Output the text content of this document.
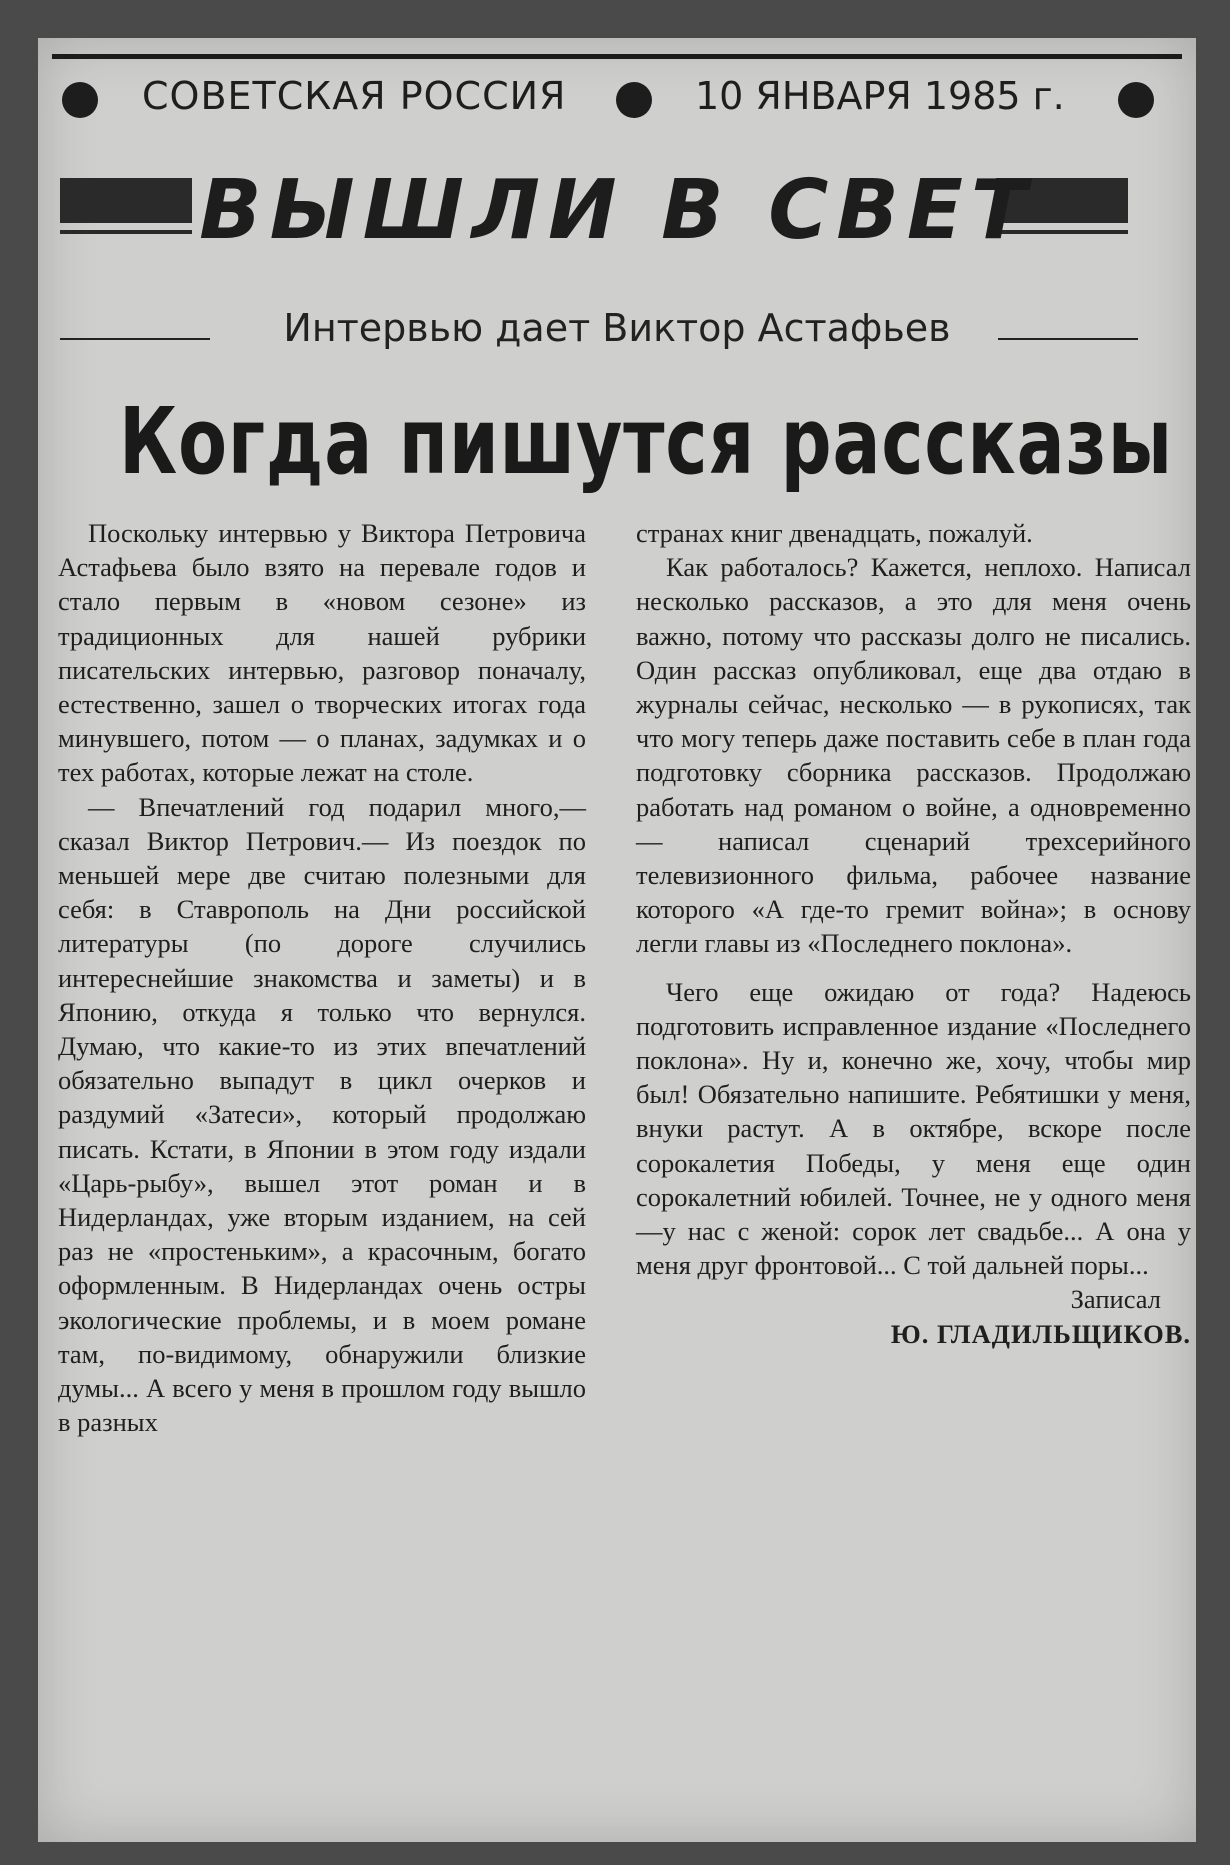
СОВЕТСКАЯ РОССИЯ	10 ЯНВАРЯ 1985 г.
ВЫШЛИ В СВЕТ
Интервью дает Виктор Астафьев
Когда пишутся рассказы

Поскольку интервью у Виктора Петровича Астафьева было взято на перевале годов и стало первым в «новом сезоне» из традиционных для нашей рубрики писательских интервью, разговор поначалу, естественно, зашел о творческих итогах года минувшего, потом — о планах, задумках и о тех работах, которые лежат на столе.

— Впечатлений год подарил много,— сказал Виктор Петрович.— Из поездок по меньшей мере две считаю полезными для себя: в Ставрополь на Дни российской литературы (по дороге случились интереснейшие знакомства и заметы) и в Японию, откуда я только что вернулся. Думаю, что какие-то из этих впечатлений обязательно выпадут в цикл очерков и раздумий «Затеси», который продолжаю писать. Кстати, в Японии в этом году издали «Царь-рыбу», вышел этот роман и в Нидерландах, уже вторым изданием, на сей раз не «простеньким», а красочным, богато оформленным. В Нидерландах очень остры экологические проблемы, и в моем романе там, по-видимому, обнаружили близкие думы... А всего у меня в прошлом году вышло в разных

странах книг двенадцать, пожалуй.

Как работалось? Кажется, неплохо. Написал несколько рассказов, а это для меня очень важно, потому что рассказы долго не писались. Один рассказ опубликовал, еще два отдаю в журналы сейчас, несколько — в рукописях, так что могу теперь даже поставить себе в план года подготовку сборника рассказов. Продолжаю работать над романом о войне, а одновременно — написал сценарий трехсерийного телевизионного фильма, рабочее название которого «А где-то гремит война»; в основу легли главы из «Последнего поклона».

Чего еще ожидаю от года? Надеюсь подготовить исправленное издание «Последнего поклона». Ну и, конечно же, хочу, чтобы мир был! Обязательно напишите. Ребятишки у меня, внуки растут. А в октябре, вскоре после сорокалетия Победы, у меня еще один сорокалетний юбилей. Точнее, не у одного меня—у нас с женой: сорок лет свадьбе... А она у меня друг фронтовой... С той дальней поры...

Записал
Ю. ГЛАДИЛЬЩИКОВ.
